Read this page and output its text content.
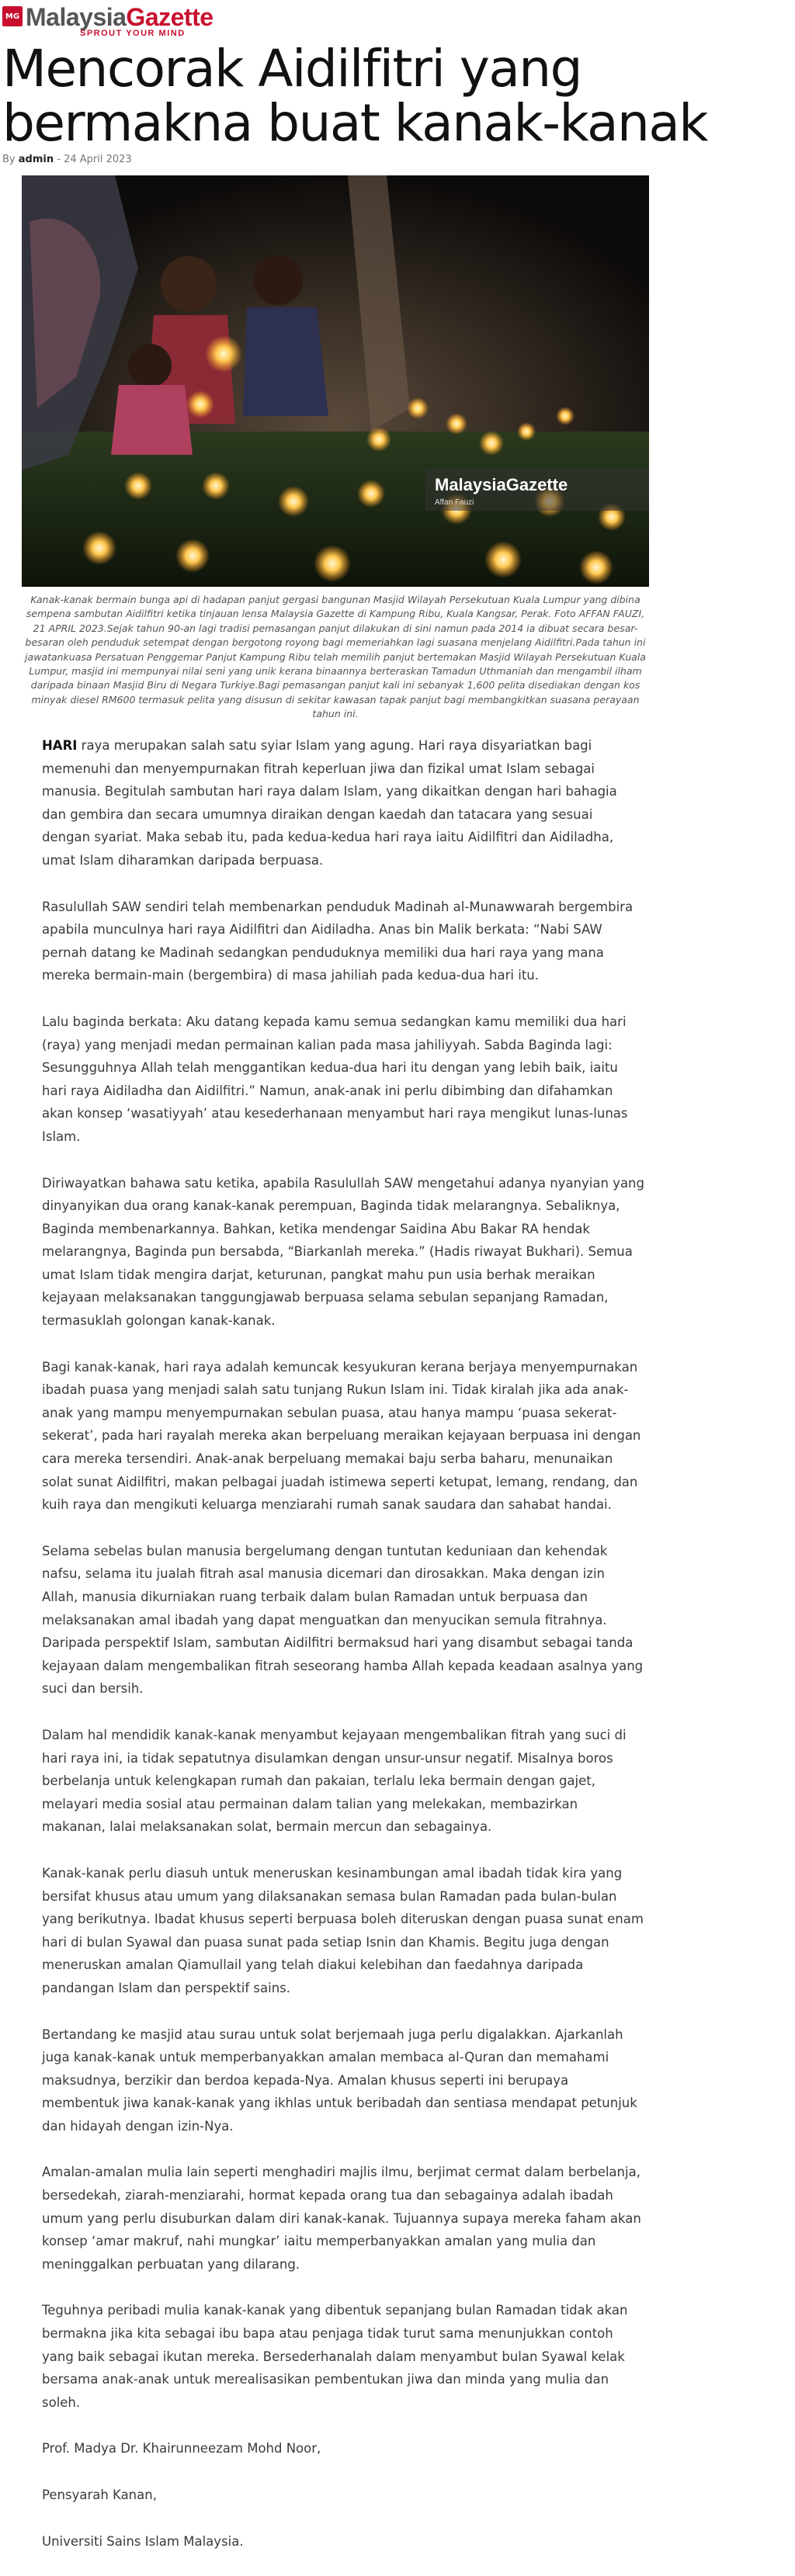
MG MalaysiaGazette
SPROUT YOUR MIND
Mencorak Aidilfitri yang bermakna buat kanak-kanak
By admin - 24 April 2023
MalaysiaGazette
Affan Fauzi
Kanak-kanak bermain bunga api di hadapan panjut gergasi bangunan Masjid Wilayah Persekutuan Kuala Lumpur yang dibina sempena sambutan Aidilfitri ketika tinjauan lensa Malaysia Gazette di Kampung Ribu, Kuala Kangsar, Perak. Foto AFFAN FAUZI, 21 APRIL 2023.Sejak tahun 90-an lagi tradisi pemasangan panjut dilakukan di sini namun pada 2014 ia dibuat secara besar-besaran oleh penduduk setempat dengan bergotong royong bagi memeriahkan lagi suasana menjelang Aidilfitri.Pada tahun ini jawatankuasa Persatuan Penggemar Panjut Kampung Ribu telah memilih panjut bertemakan Masjid Wilayah Persekutuan Kuala Lumpur, masjid ini mempunyai nilai seni yang unik kerana binaannya berteraskan Tamadun Uthmaniah dan mengambil ilham daripada binaan Masjid Biru di Negara Turkiye.Bagi pemasangan panjut kali ini sebanyak 1,600 pelita disediakan dengan kos minyak diesel RM600 termasuk pelita yang disusun di sekitar kawasan tapak panjut bagi membangkitkan suasana perayaan tahun ini.

HARI raya merupakan salah satu syiar Islam yang agung. Hari raya disyariatkan bagi memenuhi dan menyempurnakan fitrah keperluan jiwa dan fizikal umat Islam sebagai manusia. Begitulah sambutan hari raya dalam Islam, yang dikaitkan dengan hari bahagia dan gembira dan secara umumnya diraikan dengan kaedah dan tatacara yang sesuai dengan syariat. Maka sebab itu, pada kedua-kedua hari raya iaitu Aidilfitri dan Aidiladha, umat Islam diharamkan daripada berpuasa.

Rasulullah SAW sendiri telah membenarkan penduduk Madinah al-Munawwarah bergembira apabila munculnya hari raya Aidilfitri dan Aidiladha. Anas bin Malik berkata: “Nabi SAW pernah datang ke Madinah sedangkan penduduknya memiliki dua hari raya yang mana mereka bermain-main (bergembira) di masa jahiliah pada kedua-dua hari itu.

Lalu baginda berkata: Aku datang kepada kamu semua sedangkan kamu memiliki dua hari (raya) yang menjadi medan permainan kalian pada masa jahiliyyah. Sabda Baginda lagi: Sesungguhnya Allah telah menggantikan kedua-dua hari itu dengan yang lebih baik, iaitu hari raya Aidiladha dan Aidilfitri.” Namun, anak-anak ini perlu dibimbing dan difahamkan akan konsep ‘wasatiyyah’ atau kesederhanaan menyambut hari raya mengikut lunas-lunas Islam.

Diriwayatkan bahawa satu ketika, apabila Rasulullah SAW mengetahui adanya nyanyian yang dinyanyikan dua orang kanak-kanak perempuan, Baginda tidak melarangnya. Sebaliknya, Baginda membenarkannya. Bahkan, ketika mendengar Saidina Abu Bakar RA hendak melarangnya, Baginda pun bersabda, “Biarkanlah mereka.” (Hadis riwayat Bukhari). Semua umat Islam tidak mengira darjat, keturunan, pangkat mahu pun usia berhak meraikan kejayaan melaksanakan tanggungjawab berpuasa selama sebulan sepanjang Ramadan, termasuklah golongan kanak-kanak.

Bagi kanak-kanak, hari raya adalah kemuncak kesyukuran kerana berjaya menyempurnakan ibadah puasa yang menjadi salah satu tunjang Rukun Islam ini. Tidak kiralah jika ada anak-anak yang mampu menyempurnakan sebulan puasa, atau hanya mampu ‘puasa sekerat-sekerat’, pada hari rayalah mereka akan berpeluang meraikan kejayaan berpuasa ini dengan cara mereka tersendiri. Anak-anak berpeluang memakai baju serba baharu, menunaikan solat sunat Aidilfitri, makan pelbagai juadah istimewa seperti ketupat, lemang, rendang, dan kuih raya dan mengikuti keluarga menziarahi rumah sanak saudara dan sahabat handai.

Selama sebelas bulan manusia bergelumang dengan tuntutan keduniaan dan kehendak nafsu, selama itu jualah fitrah asal manusia dicemari dan dirosakkan. Maka dengan izin Allah, manusia dikurniakan ruang terbaik dalam bulan Ramadan untuk berpuasa dan melaksanakan amal ibadah yang dapat menguatkan dan menyucikan semula fitrahnya. Daripada perspektif Islam, sambutan Aidilfitri bermaksud hari yang disambut sebagai tanda kejayaan dalam mengembalikan fitrah seseorang hamba Allah kepada keadaan asalnya yang suci dan bersih.

Dalam hal mendidik kanak-kanak menyambut kejayaan mengembalikan fitrah yang suci di hari raya ini, ia tidak sepatutnya disulamkan dengan unsur-unsur negatif. Misalnya boros berbelanja untuk kelengkapan rumah dan pakaian, terlalu leka bermain dengan gajet, melayari media sosial atau permainan dalam talian yang melekakan, membazirkan makanan, lalai melaksanakan solat, bermain mercun dan sebagainya.

Kanak-kanak perlu diasuh untuk meneruskan kesinambungan amal ibadah tidak kira yang bersifat khusus atau umum yang dilaksanakan semasa bulan Ramadan pada bulan-bulan yang berikutnya. Ibadat khusus seperti berpuasa boleh diteruskan dengan puasa sunat enam hari di bulan Syawal dan puasa sunat pada setiap Isnin dan Khamis. Begitu juga dengan meneruskan amalan Qiamullail yang telah diakui kelebihan dan faedahnya daripada pandangan Islam dan perspektif sains.

Bertandang ke masjid atau surau untuk solat berjemaah juga perlu digalakkan. Ajarkanlah juga kanak-kanak untuk memperbanyakkan amalan membaca al-Quran dan memahami maksudnya, berzikir dan berdoa kepada-Nya. Amalan khusus seperti ini berupaya membentuk jiwa kanak-kanak yang ikhlas untuk beribadah dan sentiasa mendapat petunjuk dan hidayah dengan izin-Nya.

Amalan-amalan mulia lain seperti menghadiri majlis ilmu, berjimat cermat dalam berbelanja, bersedekah, ziarah-menziarahi, hormat kepada orang tua dan sebagainya adalah ibadah umum yang perlu disuburkan dalam diri kanak-kanak. Tujuannya supaya mereka faham akan konsep ‘amar makruf, nahi mungkar’ iaitu memperbanyakkan amalan yang mulia dan meninggalkan perbuatan yang dilarang.

Teguhnya peribadi mulia kanak-kanak yang dibentuk sepanjang bulan Ramadan tidak akan bermakna jika kita sebagai ibu bapa atau penjaga tidak turut sama menunjukkan contoh yang baik sebagai ikutan mereka. Bersederhanalah dalam menyambut bulan Syawal kelak bersama anak-anak untuk merealisasikan pembentukan jiwa dan minda yang mulia dan soleh.

Prof. Madya Dr. Khairunneezam Mohd Noor,

Pensyarah Kanan,

Universiti Sains Islam Malaysia.
